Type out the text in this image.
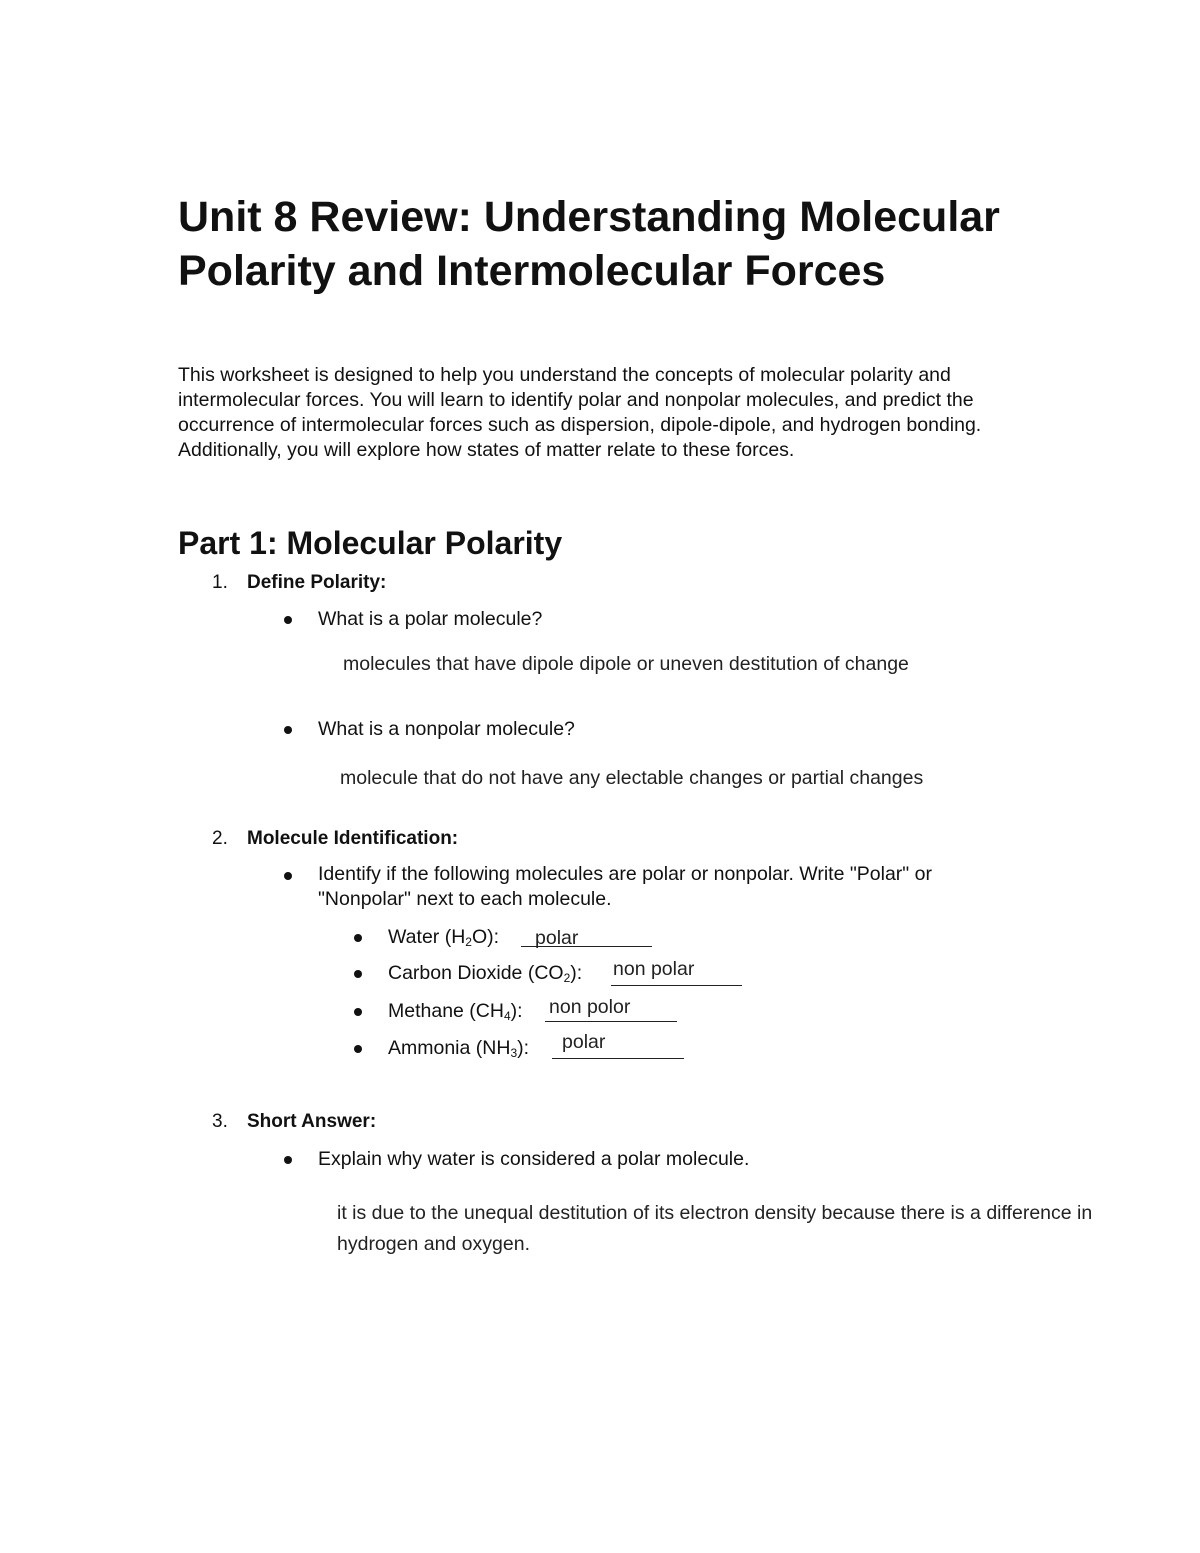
Unit 8 Review: Understanding Molecular Polarity and Intermolecular Forces

This worksheet is designed to help you understand the concepts of molecular polarity and intermolecular forces. You will learn to identify polar and nonpolar molecules, and predict the occurrence of intermolecular forces such as dispersion, dipole-dipole, and hydrogen bonding. Additionally, you will explore how states of matter relate to these forces.

Part 1: Molecular Polarity
1. Define Polarity:
What is a polar molecule?
molecules that have dipole dipole or uneven destitution of change
What is a nonpolar molecule?
molecule that do not have any electable changes or partial changes
2. Molecule Identification:

Identify if the following molecules are polar or nonpolar. Write "Polar" or "Nonpolar" next to each molecule.

Water $(H_2O)$: polar
Carbon Dioxide $(CO_2)$: non polar
Methane $(CH_4)$: non polor
Ammonia $(NH_3)$: polar
3. Short Answer:
Explain why water is considered a polar molecule.
it is due to the unequal destitution of its electron density because there is a difference in
hydrogen and oxygen.
